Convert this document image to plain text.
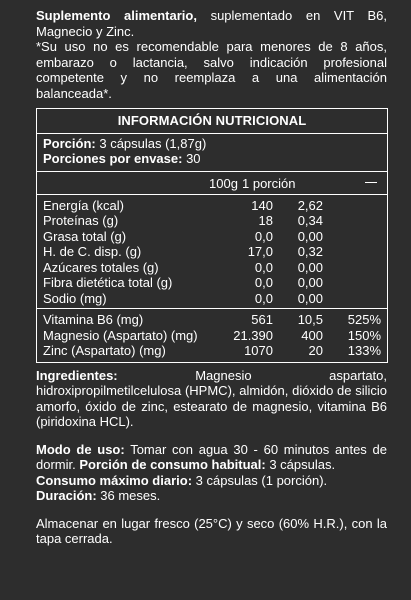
Suplemento alimentario, suplementado en VIT B6, Magnecio y Zinc.
*Su uso no es recomendable para menores de 8 años, embarazo o lactancia, salvo indicación profesional competente y no reemplaza a una alimentación balanceada*.
INFORMACIÓN NUTRICIONAL
Porción: 3 cápsulas (1,87g)
Porciones por envase: 30
100g 1 porción
Energía (kcal)	140 2,62
Proteínas (g)	18 0,34
Grasa total (g)	0,0 0,00
H. de C. disp. (g)	17,0 0,32
Azúcares totales (g)	0,0 0,00
Fibra dietética total (g)	0,0 0,00
Sodio (mg)	0,0 0,00
Vitamina B6 (mg)	561 10,5 525%
Magnesio (Aspartato) (mg)	21.390 400 150%
Zinc (Aspartato) (mg)	1070	20 133%
Ingredientes: Magnesio aspartato, hidroxipropilmetilcelulosa (HPMC), almidón, dióxido de silicio amorfo, óxido de zinc, estearato de magnesio, vitamina B6 (piridoxina HCL).
Modo de uso: Tomar con agua 30 - 60 minutos antes de dormir. Porción de consumo habitual: 3 cápsulas.
Consumo máximo diario: 3 cápsulas (1 porción).
Duración: 36 meses.
Almacenar en lugar fresco (25°C) y seco (60% H.R.), con la tapa cerrada.
